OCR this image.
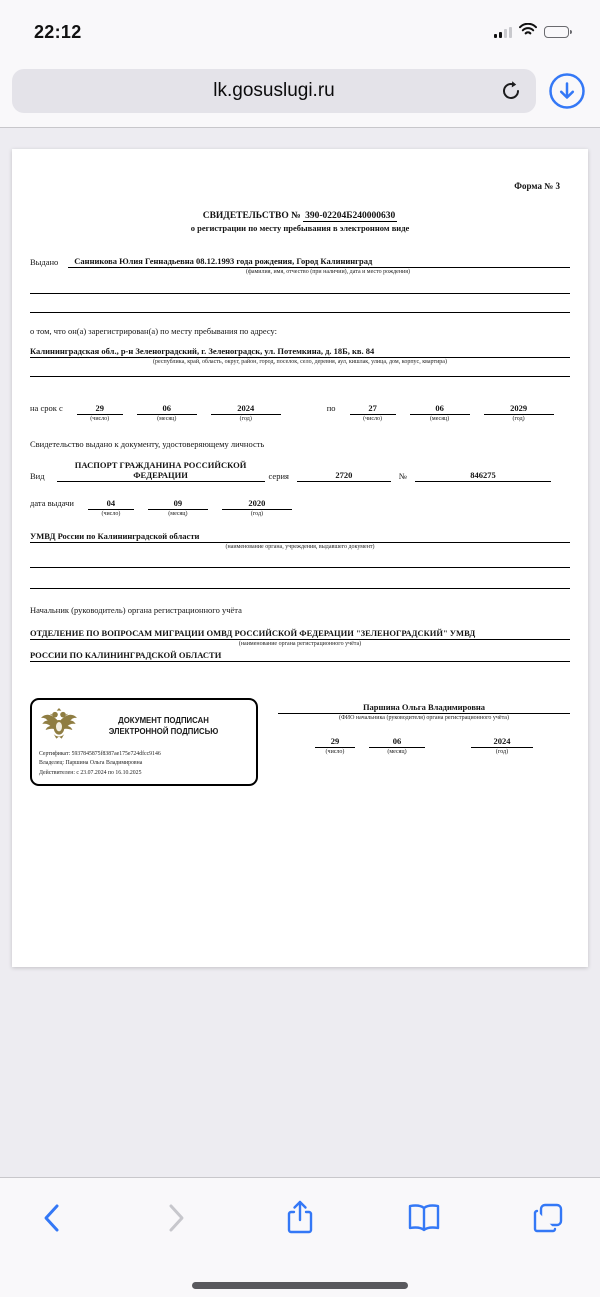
22:12
lk.gosuslugi.ru
Форма № 3
СВИДЕТЕЛЬСТВО № 390-02204Б240000630
о регистрации по месту пребывания в электронном виде
Выдано	Санникова Юлия Геннадьевна 08.12.1993 года рождения, Город Калининград
(фамилия, имя, отчество (при наличии), дата и место рождения)
о том, что он(а) зарегистрирован(а) по месту пребывания по адресу:
Калининградская обл., р-н Зеленоградский, г. Зеленоградск, ул. Потемкина, д. 18Б, кв. 84
(республика, край, область, округ, район, город, поселок, село, деревня, аул, кишлак, улица, дом, корпус, квартира)
на срок с	29
(число)
06
(месяц)
2024
(год)
по	27
(число)
06
(месяц)
2029
(год)
Свидетельство выдано к документу, удостоверяющему личность
Вид
ПАСПОРТ ГРАЖДАНИНА РОССИЙСКОЙ
ФЕДЕРАЦИИ	серия	2720	№	846275
дата выдачи	04
(число)
09
(месяц)
2020
(год)
УМВД России по Калининградской области
(наименование органа, учреждения, выдавшего документ)
Начальник (руководитель) органа регистрационного учёта
ОТДЕЛЕНИЕ ПО ВОПРОСАМ МИГРАЦИИ ОМВД РОССИЙСКОЙ ФЕДЕРАЦИИ "ЗЕЛЕНОГРАДСКИЙ" УМВД
(наименование органа регистрационного учёта)
РОССИИ ПО КАЛИНИНГРАДСКОЙ ОБЛАСТИ
ДОКУМЕНТ ПОДПИСАН
ЭЛЕКТРОННОЙ ПОДПИСЬЮ
Сертификат: 5937845875f8387ae175e724dfcc9146
Владелец: Паршина Ольга Владимировна
Действителен: с 23.07.2024 по 16.10.2025
Паршина Ольга Владимировна
(ФИО начальника (руководителя) органа регистрационного учёта)
29
(число)
06
(месяц)
2024
(год)
